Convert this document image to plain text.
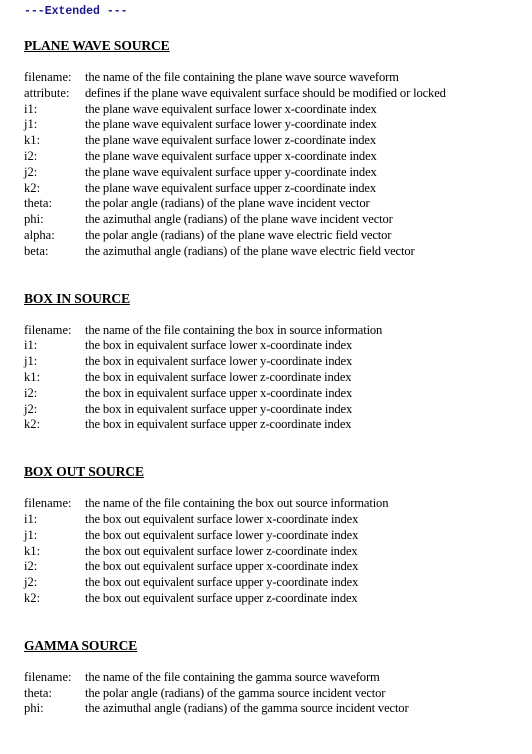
---Extended ---
PLANE WAVE SOURCE
filename:	the name of the file containing the plane wave source waveform
attribute:	defines if the plane wave equivalent surface should be modified or locked
i1:	the plane wave equivalent surface lower x-coordinate index
j1:	the plane wave equivalent surface lower y-coordinate index
k1:	the plane wave equivalent surface lower z-coordinate index
i2:	the plane wave equivalent surface upper x-coordinate index
j2:	the plane wave equivalent surface upper y-coordinate index
k2:	the plane wave equivalent surface upper z-coordinate index
theta:	the polar angle (radians) of the plane wave incident vector
phi:	the azimuthal angle (radians) of the plane wave incident vector
alpha:	the polar angle (radians) of the plane wave electric field vector
beta:	the azimuthal angle (radians) of the plane wave electric field vector
BOX IN SOURCE
filename:	the name of the file containing the box in source information
i1:	the box in equivalent surface lower x-coordinate index
j1:	the box in equivalent surface lower y-coordinate index
k1:	the box in equivalent surface lower z-coordinate index
i2:	the box in equivalent surface upper x-coordinate index
j2:	the box in equivalent surface upper y-coordinate index
k2:	the box in equivalent surface upper z-coordinate index
BOX OUT SOURCE
filename:	the name of the file containing the box out source information
i1:	the box out equivalent surface lower x-coordinate index
j1:	the box out equivalent surface lower y-coordinate index
k1:	the box out equivalent surface lower z-coordinate index
i2:	the box out equivalent surface upper x-coordinate index
j2:	the box out equivalent surface upper y-coordinate index
k2:	the box out equivalent surface upper z-coordinate index
GAMMA SOURCE
filename:	the name of the file containing the gamma source waveform
theta:	the polar angle (radians) of the gamma source incident vector
phi:	the azimuthal angle (radians) of the gamma source incident vector
